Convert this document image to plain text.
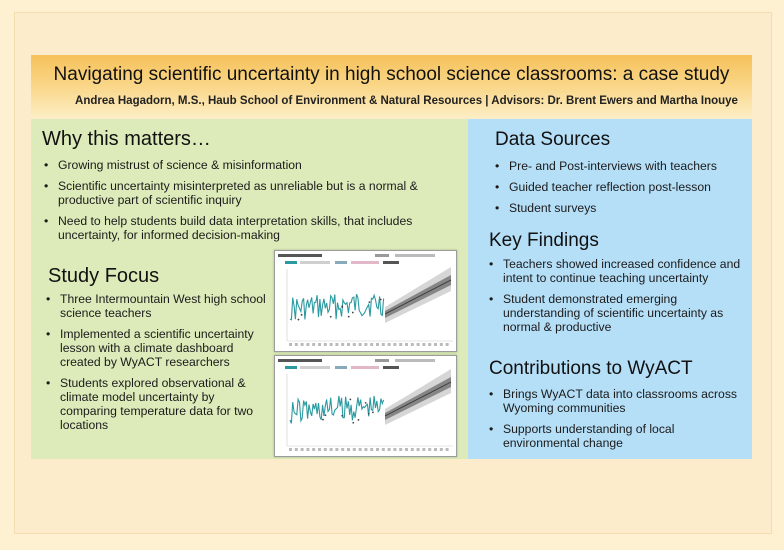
Navigating scientific uncertainty in high school science classrooms: a case study
Andrea Hagadorn, M.S., Haub School of Environment & Natural Resources | Advisors: Dr. Brent Ewers and Martha Inouye
Why this matters…
• Growing mistrust of science & misinformation
• Scientific uncertainty misinterpreted as unreliable but is a normal & productive part of scientific inquiry
• Need to help students build data interpretation skills, that includes uncertainty, for informed decision-making
Study Focus
• Three Intermountain West high school science teachers
• Implemented a scientific uncertainty lesson with a climate dashboard created by WyACT researchers
• Students explored observational & climate model uncertainty by comparing temperature data for two locations
Data Sources
• Pre- and Post-interviews with teachers
• Guided teacher reflection post-lesson
• Student surveys
Key Findings
• Teachers showed increased confidence and intent to continue teaching uncertainty
• Student demonstrated emerging understanding of scientific uncertainty as normal & productive
Contributions to WyACT
• Brings WyACT data into classrooms across Wyoming communities
• Supports understanding of local environmental change
